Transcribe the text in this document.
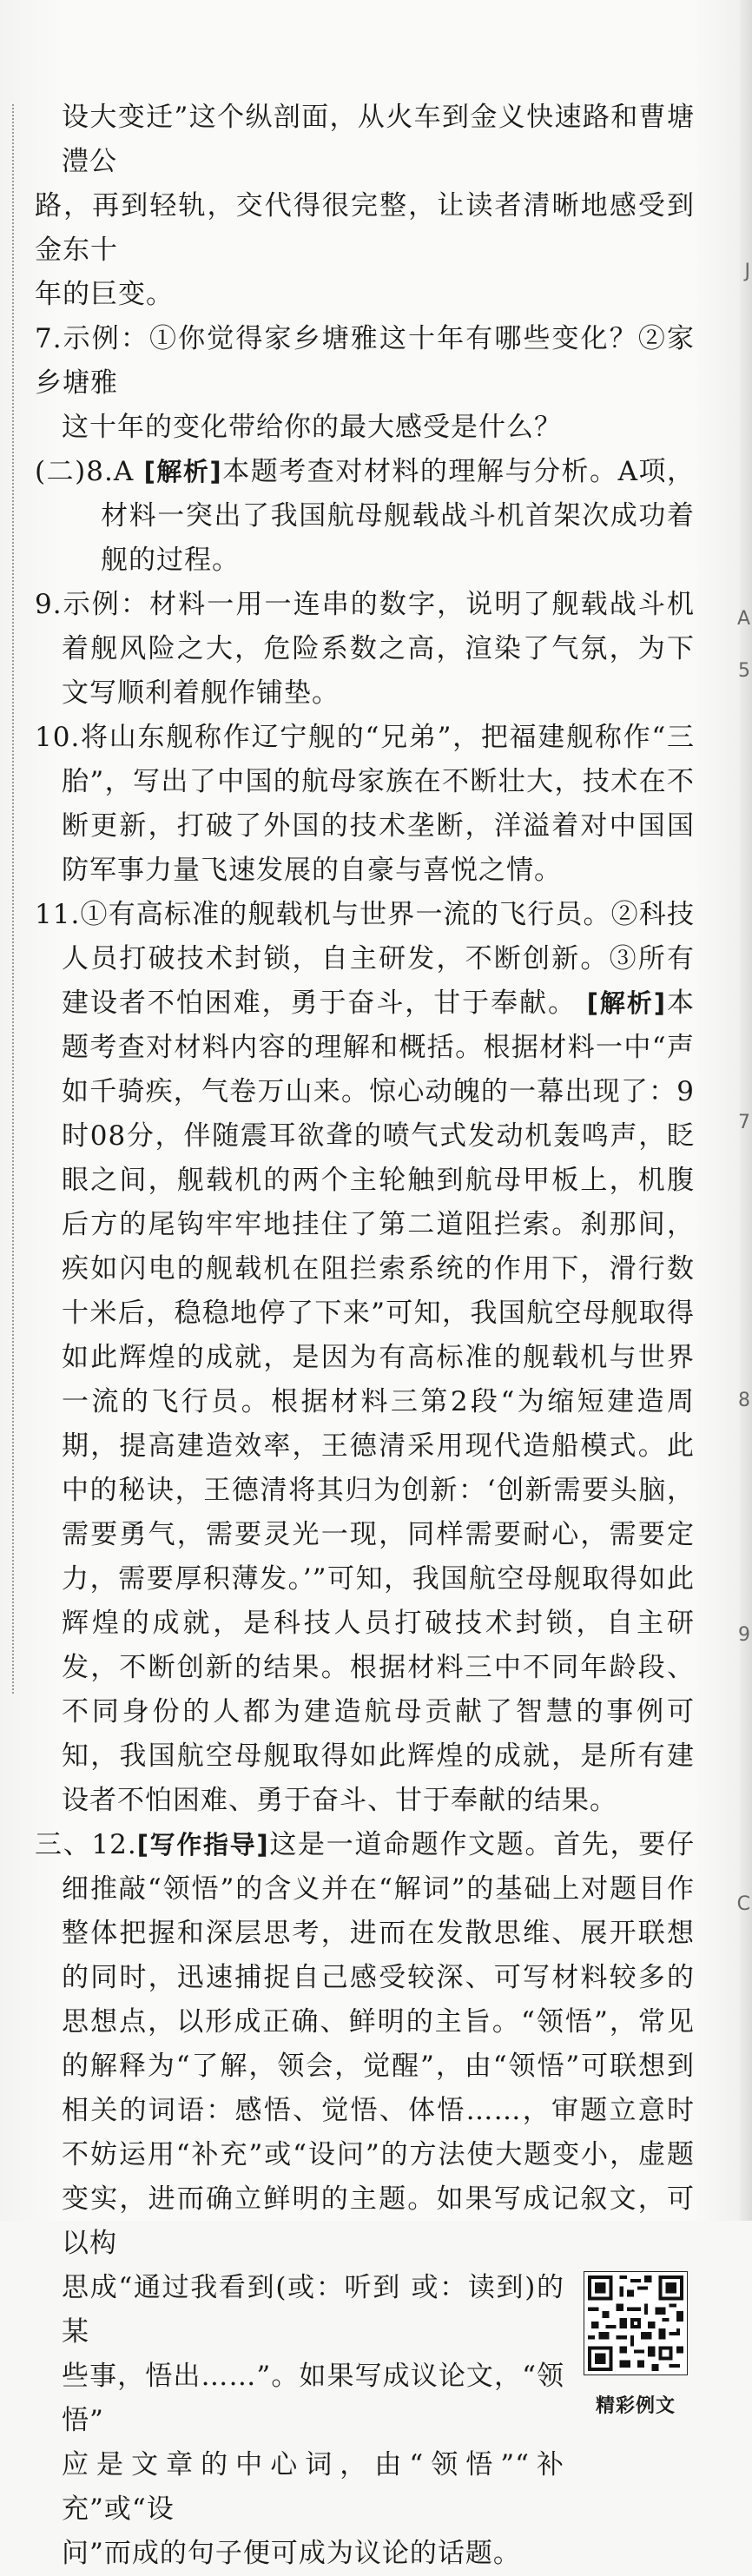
J
A
5
7
8
9
C

设大变迁”这个纵剖面，从火车到金义快速路和曹塘澧公

路，再到轻轨，交代得很完整，让读者清晰地感受到金东十

年的巨变。

7.示例：①你觉得家乡塘雅这十年有哪些变化？②家乡塘雅

这十年的变化带给你的最大感受是什么？

(二)8.A [解析]本题考查对材料的理解与分析。A项，材料一突出了我国航母舰载战斗机首架次成功着舰的过程。

9.示例：材料一用一连串的数字，说明了舰载战斗机着舰风险之大，危险系数之高，渲染了气氛，为下文写顺利着舰作铺垫。

10.将山东舰称作辽宁舰的“兄弟”，把福建舰称作“三胎”，写出了中国的航母家族在不断壮大，技术在不断更新，打破了外国的技术垄断，洋溢着对中国国防军事力量飞速发展的自豪与喜悦之情。

11.①有高标准的舰载机与世界一流的飞行员。②科技人员打破技术封锁，自主研发，不断创新。③所有建设者不怕困难，勇于奋斗，甘于奉献。 [解析]本题考查对材料内容的理解和概括。根据材料一中“声如千骑疾，气卷万山来。惊心动魄的一幕出现了：9时08分，伴随震耳欲聋的喷气式发动机轰鸣声，眨眼之间，舰载机的两个主轮触到航母甲板上，机腹后方的尾钩牢牢地挂住了第二道阻拦索。刹那间，疾如闪电的舰载机在阻拦索系统的作用下，滑行数十米后，稳稳地停了下来”可知，我国航空母舰取得如此辉煌的成就，是因为有高标准的舰载机与世界一流的飞行员。根据材料三第2段“为缩短建造周期，提高建造效率，王德清采用现代造船模式。此中的秘诀，王德清将其归为创新：‘创新需要头脑，需要勇气，需要灵光一现，同样需要耐心，需要定力，需要厚积薄发。’”可知，我国航空母舰取得如此辉煌的成就，是科技人员打破技术封锁，自主研发，不断创新的结果。根据材料三中不同年龄段、不同身份的人都为建造航母贡献了智慧的事例可知，我国航空母舰取得如此辉煌的成就，是所有建设者不怕困难、勇于奋斗、甘于奉献的结果。

三、12.[写作指导]这是一道命题作文题。首先，要仔细推敲“领悟”的含义并在“解词”的基础上对题目作整体把握和深层思考，进而在发散思维、展开联想的同时，迅速捕捉自己感受较深、可写材料较多的思想点，以形成正确、鲜明的主旨。“领悟”，常见的解释为“了解，领会，觉醒”，由“领悟”可联想到相关的词语：感悟、觉悟、体悟……，审题立意时不妨运用“补充”或“设问”的方法使大题变小，虚题变实，进而确立鲜明的主题。如果写成记叙文，可以构

思成“通过我看到(或：听到 或：读到)的某

些事，悟出……”。如果写成议论文，“领悟”

应是文章的中心词，由“领悟”“补充”或“设

问”而成的句子便可成为议论的话题。

精彩例文
